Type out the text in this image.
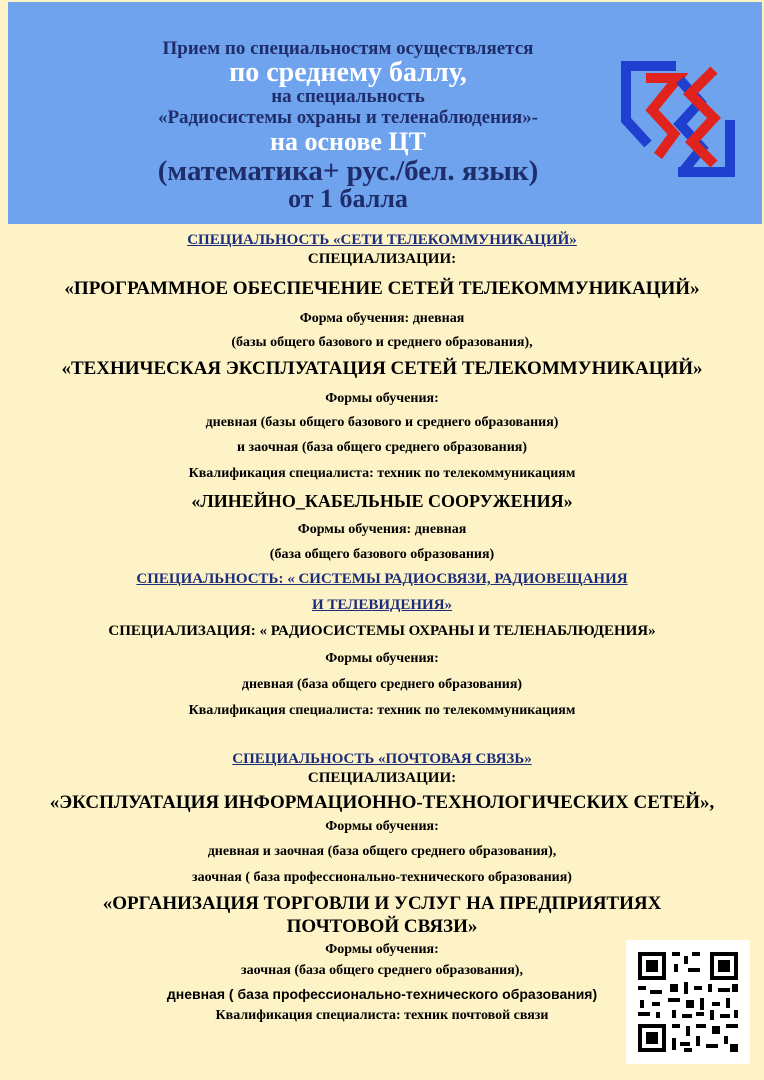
Прием по специальностям осуществляется
по среднему баллу,
на специальность
«Радиосистемы охраны и теленаблюдения»-
на основе ЦТ
(математика+ рус./бел. язык)
от 1 балла
СПЕЦИАЛЬНОСТЬ «СЕТИ ТЕЛЕКОММУНИКАЦИЙ»
СПЕЦИАЛИЗАЦИИ:
«ПРОГРАММНОЕ ОБЕСПЕЧЕНИЕ СЕТЕЙ ТЕЛЕКОММУНИКАЦИЙ»
Форма обучения: дневная
(базы общего базового и среднего образования),
«ТЕХНИЧЕСКАЯ ЭКСПЛУАТАЦИЯ СЕТЕЙ ТЕЛЕКОММУНИКАЦИЙ»
Формы обучения:
дневная (базы общего базового и среднего образования)
и заочная (база общего среднего образования)
Квалификация специалиста: техник по телекоммуникациям
«ЛИНЕЙНО_КАБЕЛЬНЫЕ СООРУЖЕНИЯ»
Формы обучения: дневная
(база общего базового образования)
СПЕЦИАЛЬНОСТЬ: « СИСТЕМЫ РАДИОСВЯЗИ, РАДИОВЕЩАНИЯ
И ТЕЛЕВИДЕНИЯ»
СПЕЦИАЛИЗАЦИЯ: « РАДИОСИСТЕМЫ ОХРАНЫ И ТЕЛЕНАБЛЮДЕНИЯ»
Формы обучения:
дневная (база общего среднего образования)
Квалификация специалиста: техник по телекоммуникациям
СПЕЦИАЛЬНОСТЬ «ПОЧТОВАЯ СВЯЗЬ»
СПЕЦИАЛИЗАЦИИ:
«ЭКСПЛУАТАЦИЯ ИНФОРМАЦИОННО-ТЕХНОЛОГИЧЕСКИХ СЕТЕЙ»,
Формы обучения:
дневная и заочная (база общего среднего образования),
заочная ( база профессионально-технического образования)
«ОРГАНИЗАЦИЯ ТОРГОВЛИ И УСЛУГ НА ПРЕДПРИЯТИЯХ
ПОЧТОВОЙ СВЯЗИ»
Формы обучения:
заочная (база общего среднего образования),
дневная ( база профессионально-технического образования)
Квалификация специалиста: техник почтовой связи
